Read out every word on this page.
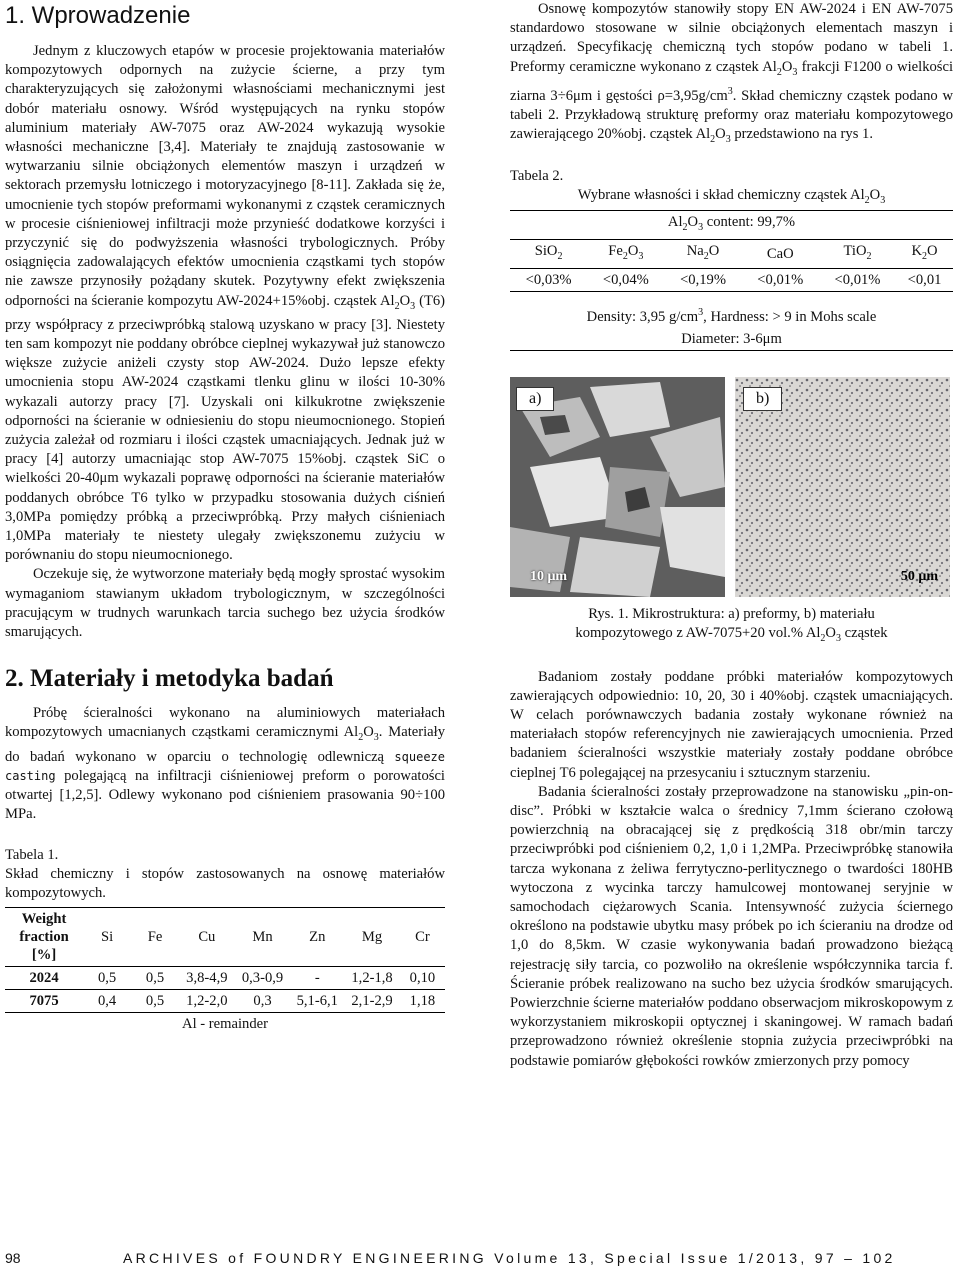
1. Wprowadzenie

Jednym z kluczowych etapów w procesie projektowania materiałów kompozytowych odpornych na zużycie ścierne, a przy tym charakteryzujących się założonymi własnościami mechanicznymi jest dobór materiału osnowy. Wśród występujących na rynku stopów aluminium materiały AW-7075 oraz AW-2024 wykazują wysokie własności mechaniczne [3,4]. Materiały te znajdują zastosowanie w wytwarzaniu silnie obciążonych elementów maszyn i urządzeń w sektorach przemysłu lotniczego i motoryzacyjnego [8-11]. Zakłada się że, umocnienie tych stopów preformami wykonanymi z cząstek ceramicznych w procesie ciśnieniowej infiltracji może przynieść dodatkowe korzyści i przyczynić się do podwyższenia własności trybologicznych. Próby osiągnięcia zadowalających efektów umocnienia cząstkami tych stopów nie zawsze przynosiły pożądany skutek. Pozytywny efekt zwiększenia odporności na ścieranie kompozytu AW-2024+15%obj. cząstek $Al_2O_3$ (T6) przy współpracy z przeciwpróbką stalową uzyskano w pracy [3]. Niestety ten sam kompozyt nie poddany obróbce cieplnej wykazywał już stanowczo większe zużycie aniżeli czysty stop AW-2024. Dużo lepsze efekty umocnienia stopu AW-2024 cząstkami tlenku glinu w ilości 10-30% wykazali autorzy pracy [7]. Uzyskali oni kilkukrotne zwiększenie odporności na ścieranie w odniesieniu do stopu nieumocnionego. Stopień zużycia zależał od rozmiaru i ilości cząstek umacniających. Jednak już w pracy [4] autorzy umacniając stop AW-7075 15%obj. cząstek SiC o wielkości 20-40μm wykazali poprawę odporności na ścieranie materiałów poddanych obróbce T6 tylko w przypadku stosowania dużych ciśnień 3,0MPa pomiędzy próbką a przeciwpróbką. Przy małych ciśnieniach 1,0MPa materiały te niestety ulegały zwiększonemu zużyciu w porównaniu do stopu nieumocnionego.

Oczekuje się, że wytworzone materiały będą mogły sprostać wysokim wymaganiom stawianym układom trybologicznym, w szczególności pracującym w trudnych warunkach tarcia suchego bez użycia środków smarujących.

2. Materiały i metodyka badań

Próbę ścieralności wykonano na aluminiowych materiałach kompozytowych umacnianych cząstkami ceramicznymi $Al_2O_3$. Materiały do badań wykonano w oparciu o technologię odlewniczą squeeze casting polegającą na infiltracji ciśnieniowej preform o porowatości otwartej [1,2,5]. Odlewy wykonano pod ciśnieniem prasowania 90÷100 MPa.

Tabela 1.

Skład chemiczny i stopów zastosowanych na osnowę materiałów kompozytowych.

Weight fraction [%]	Si	Fe	Cu	Mn	Zn	Mg	Cr
2024	0,5	0,5	3,8-4,9	0,3-0,9	-	1,2-1,8	0,10
7075	0,4	0,5	1,2-2,0	0,3	5,1-6,1	2,1-2,9	1,18
Al - remainder							

Osnowę kompozytów stanowiły stopy EN AW-2024 i EN AW-7075 standardowo stosowane w silnie obciążonych elementach maszyn i urządzeń. Specyfikację chemiczną tych stopów podano w tabeli 1. Preformy ceramiczne wykonano z cząstek $Al_2O_3$ frakcji F1200 o wielkości ziarna 3÷6μm i gęstości $\rho=3,95g/cm^3$. Skład chemiczny cząstek podano w tabeli 2. Przykładową strukturę preformy oraz materiału kompozytowego zawierającego 20%obj. cząstek $Al_2O_3$ przedstawiono na rys 1.

Tabela 2.

Wybrane własności i skład chemiczny cząstek $Al_2O_3$

$Al_2O_3$ content: 99,7%					
SiO$_2$	$Fe_2O_3$	$Na_2O$	CaO	TiO$_2$	$K_2O$
<0,03%	<0,04%	<0,19%	<0,01%	<0,01%	<0,01

Density: 3,95 $g/cm^3$, Hardness: > 9 in Mohs scale					
Diameter: 3-6μm					
a)
10 μm
b)
50 μm

Rys. 1. Mikrostruktura: a) preformy, b) materiału

kompozytowego z AW-7075+20 vol.% $Al_2O_3$ cząstek

Badaniom zostały poddane próbki materiałów kompozytowych zawierających odpowiednio: 10, 20, 30 i 40%obj. cząstek umacniających. W celach porównawczych badania zostały wykonane również na materiałach stopów referencyjnych nie zawierających umocnienia. Przed badaniem ścieralności wszystkie materiały zostały poddane obróbce cieplnej T6 polegającej na przesycaniu i sztucznym starzeniu.

Badania ścieralności zostały przeprowadzone na stanowisku „pin-on-disc”. Próbki w kształcie walca o średnicy 7,1mm ścierano czołową powierzchnią na obracającej się z prędkością 318 obr/min tarczy przeciwpróbki pod ciśnieniem 0,2, 1,0 i 1,2MPa. Przeciwpróbkę stanowiła tarcza wykonana z żeliwa ferrytyczno-perlitycznego o twardości 180HB wytoczona z wycinka tarczy hamulcowej montowanej seryjnie w samochodach ciężarowych Scania. Intensywność zużycia ściernego określono na podstawie ubytku masy próbek po ich ścieraniu na drodze od 1,0 do 8,5km. W czasie wykonywania badań prowadzono bieżącą rejestrację siły tarcia, co pozwoliło na określenie współczynnika tarcia f. Ścieranie próbek realizowano na sucho bez użycia środków smarujących. Powierzchnie ścierne materiałów poddano obserwacjom mikroskopowym z wykorzystaniem mikroskopii optycznej i skaningowej. W ramach badań przeprowadzono również określenie stopnia zużycia przeciwpróbki na podstawie pomiarów głębokości rowków zmierzonych przy pomocy

98	ARCHIVES of FOUNDRY ENGINEERING Volume 13, Special Issue 1/2013, 97 – 102
